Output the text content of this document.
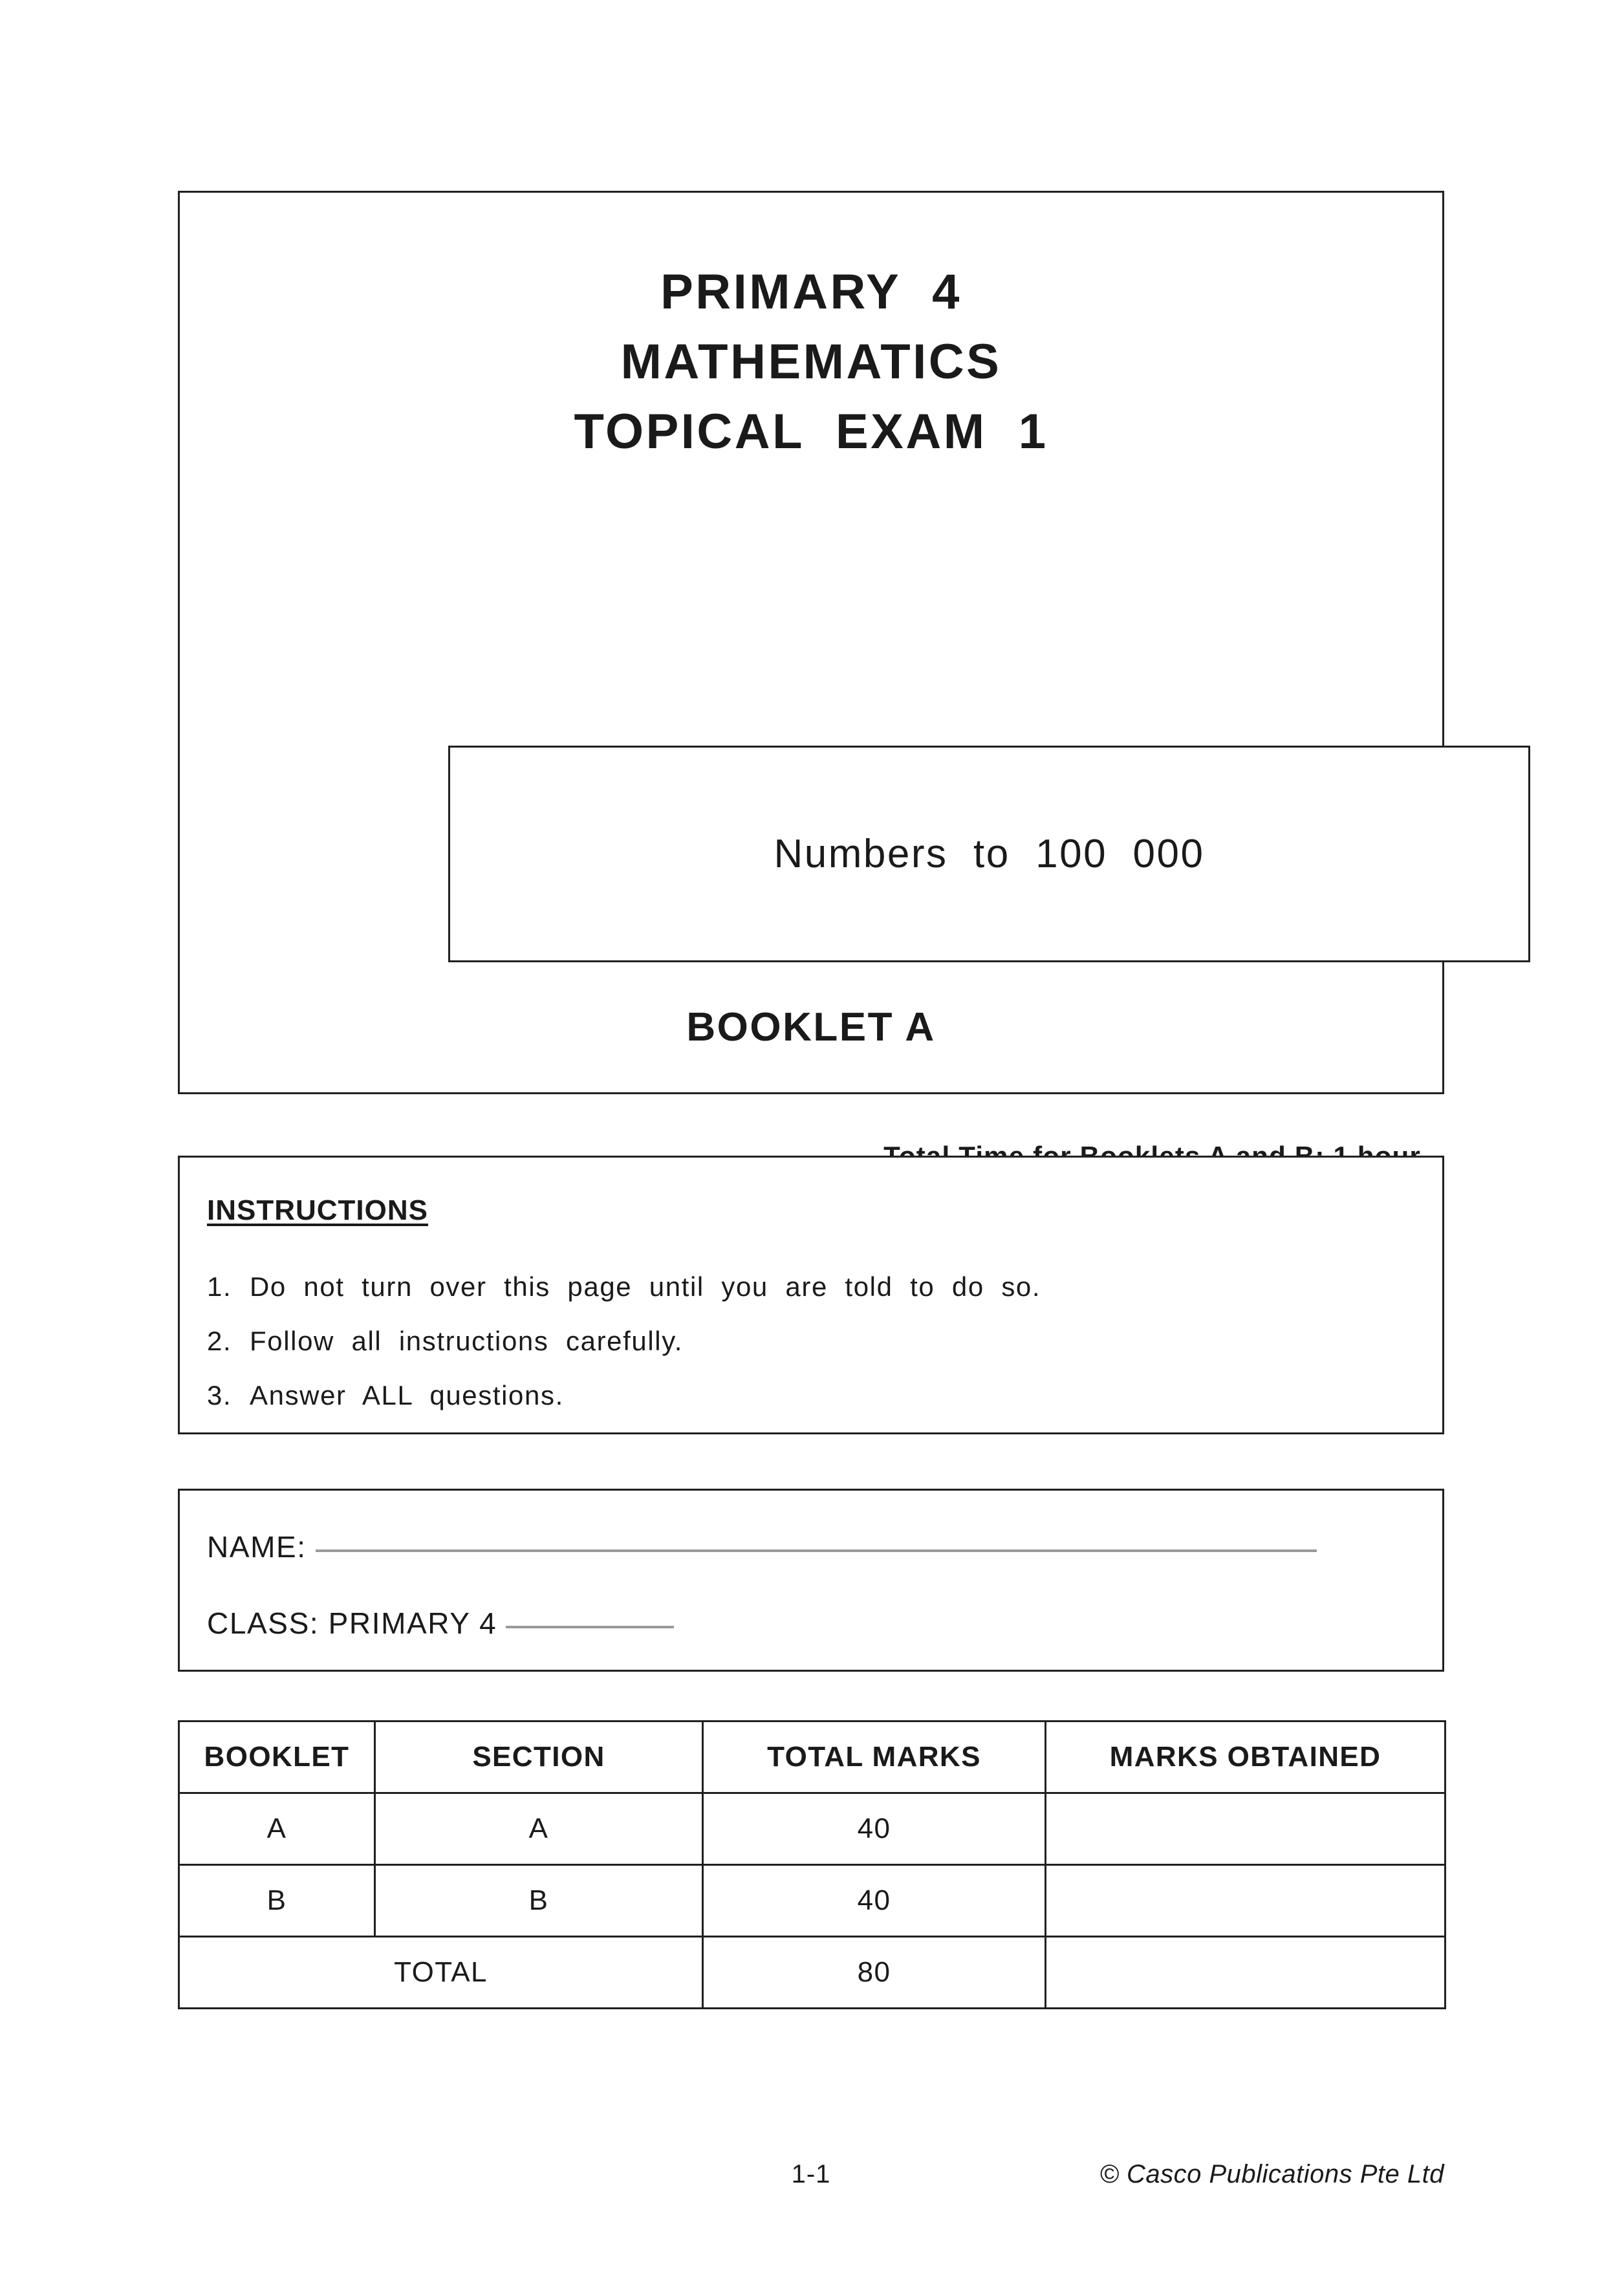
PRIMARY  4
MATHEMATICS
TOPICAL  EXAM  1
Numbers  to  100  000
BOOKLET A
INSTRUCTIONS
1. Do  not  turn  over  this  page  until  you  are  told  to  do  so.
2. Follow  all  instructions  carefully.
3. Answer  ALL  questions.
NAME:
CLASS: PRIMARY 4
BOOKLET	SECTION	TOTAL MARKS	MARKS OBTAINED
A	A	40	
B	B	40	
TOTAL		80	
1-1	© Casco Publications Pte Ltd
